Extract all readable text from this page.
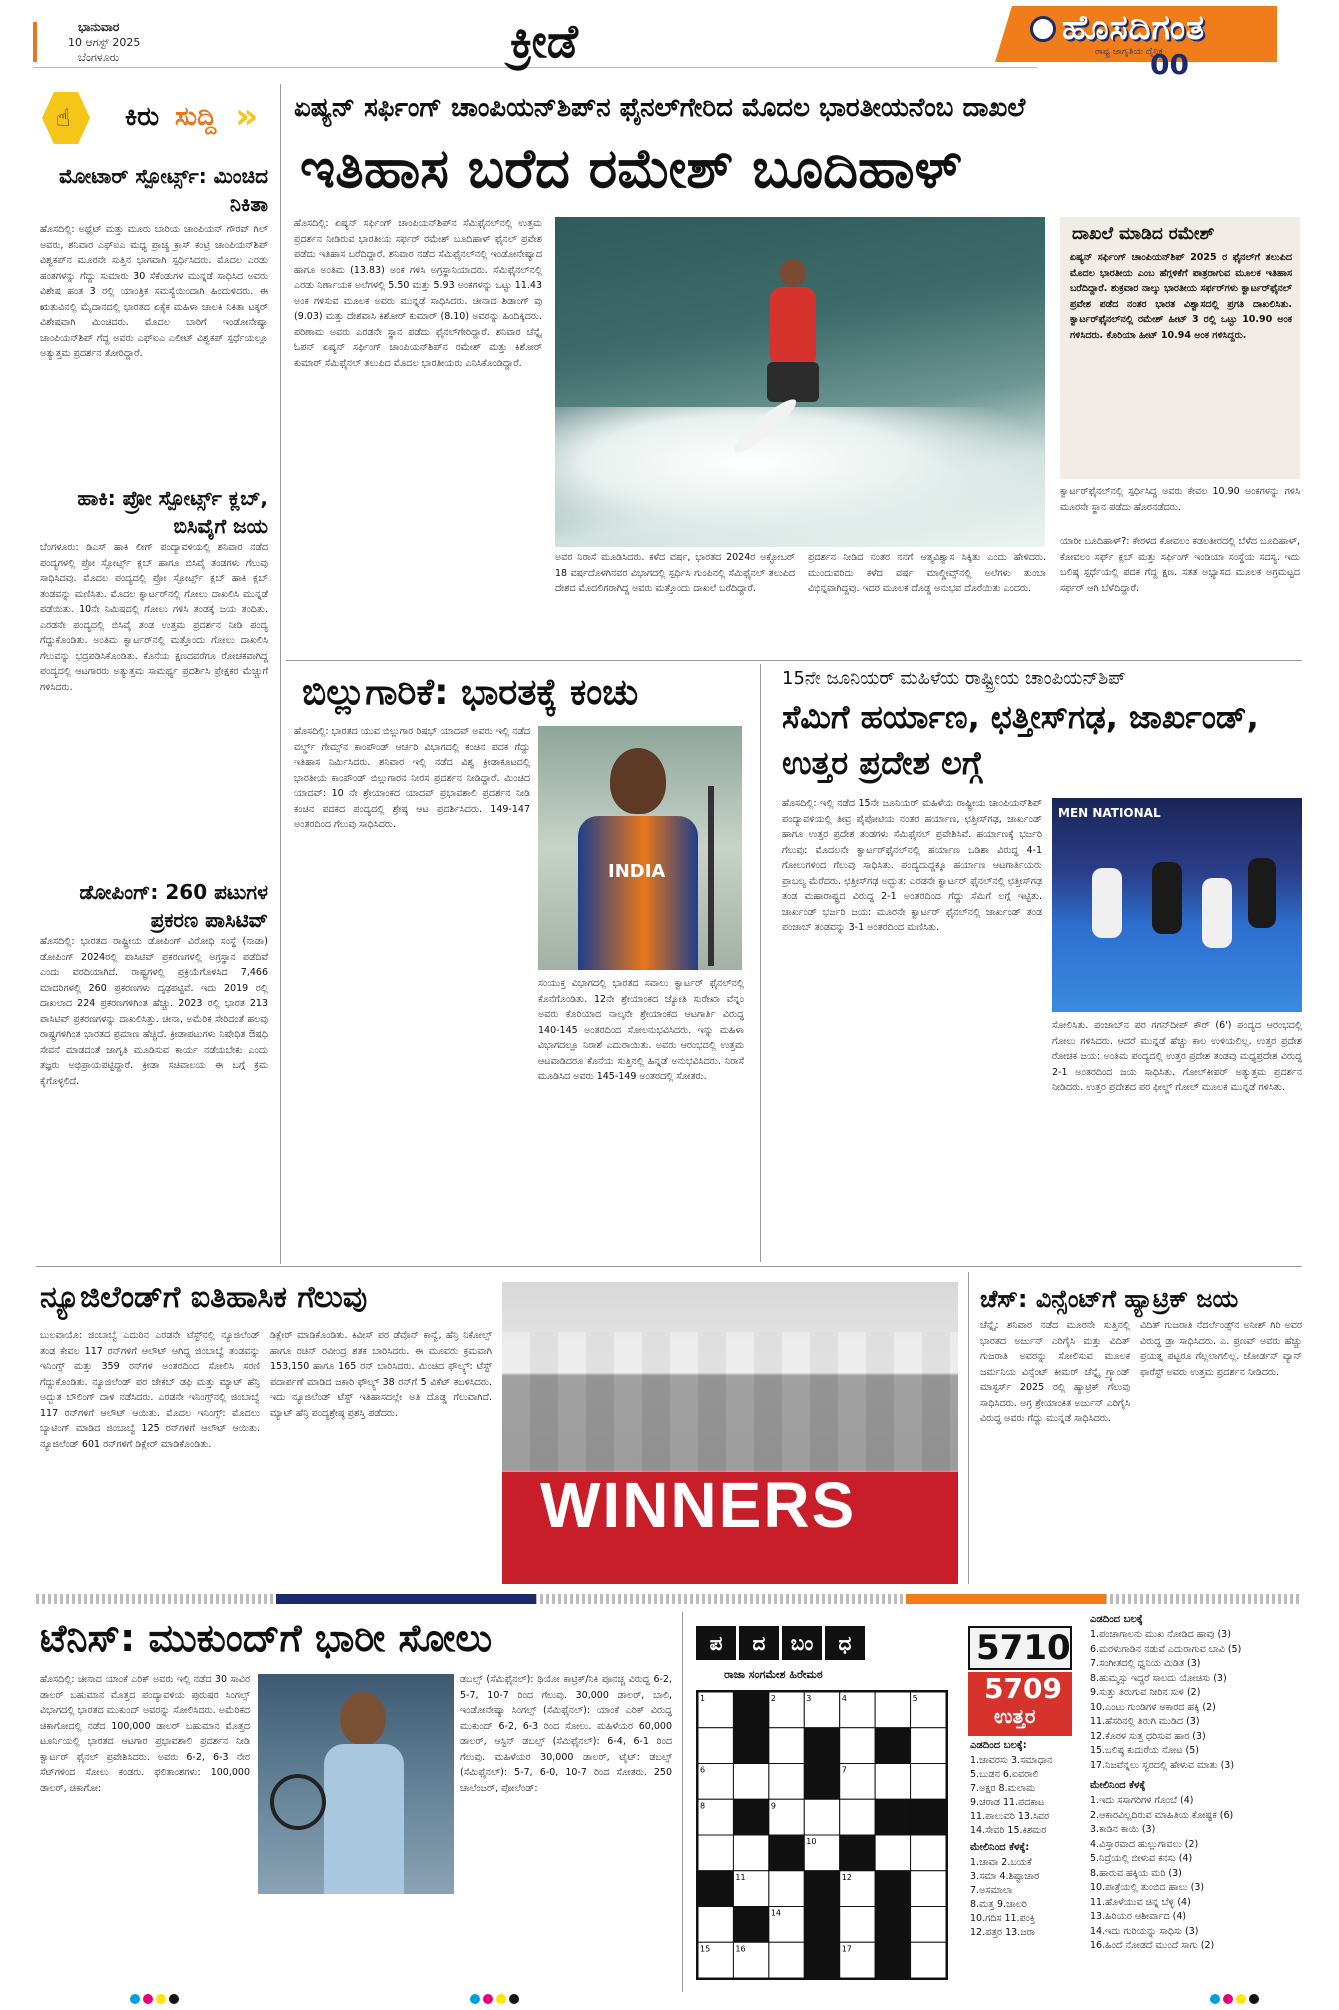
ಭಾನುವಾರ
10 ಆಗಸ್ಟ್ 2025
ಬೆಂಗಳೂರು	ಕ್ರೀಡೆ	ಹೊಸದಿಗಂತ
ರಾಷ್ಟ್ರ ಜಾಗೃತಿಯ ದೈನಿಕ
00
☝ ಕಿರು ಸುದ್ದಿ »
ಮೋಟಾರ್ ಸ್ಪೋರ್ಟ್ಸ್: ಮಿಂಚಿದ ನಿಕಿತಾ
ಹೊಸದಿಲ್ಲಿ: ಅಥ್ಲೆಟ್ ಮತ್ತು ಮೂರು ಬಾರಿಯ ಚಾಂಪಿಯನ್ ಗೌರವ್ ಗಿಲ್ ಅವರು, ಶನಿವಾರ ಎಫ್‌ಐಎ ಮಧ್ಯ ಪ್ರಾಚ್ಯ ಕ್ರಾಸ್ ಕಂಟ್ರಿ ಚಾಂಪಿಯನ್‌ಶಿಪ್ ವಿಶ್ವಕಪ್‌ನ ಮೂರನೇ ಸುತ್ತಿನ ಭಾಗವಾಗಿ ಸ್ಪರ್ಧಿಸಿದರು. ಮೊದಲ ಎರಡು ಹಂತಗಳನ್ನು ಗೆದ್ದು ಸುಮಾರು 30 ಸೆಕೆಂಡುಗಳ ಮುನ್ನಡೆ ಸಾಧಿಸಿದ ಅವರು ವಿಶೇಷ ಹಂತ 3 ರಲ್ಲಿ ಯಾಂತ್ರಿಕ ಸಮಸ್ಯೆಯಿಂದಾಗಿ ಹಿಂದುಳಿದರು. ಈ ಋತುವಿನಲ್ಲಿ ಮೈದಾನದಲ್ಲಿ ಭಾರತದ ಏಕೈಕ ಮಹಿಳಾ ಚಾಲಕಿ ನಿಕಿತಾ ಟಕ್ಕರ್ ವಿಶೇಷವಾಗಿ ಮಿಂಚಿದರು. ಮೊದಲ ಬಾರಿಗೆ ಇಂಡೋನೇಷ್ಯಾ ಚಾಂಪಿಯನ್‌ಶಿಪ್ ಗೆದ್ದ ಅವರು ಎಫ್‌ಐಎ ಎಲೀಟ್ ವಿಶ್ವಕಪ್ ಸ್ಪರ್ಧೆಯಲ್ಲೂ ಅತ್ಯುತ್ತಮ ಪ್ರದರ್ಶನ ತೋರಿದ್ದಾರೆ.
ಹಾಕಿ: ಪ್ರೋ ಸ್ಪೋರ್ಟ್ಸ್ ಕ್ಲಬ್, ಬಿಸಿವೈಗೆ ಜಯ
ಬೆಂಗಳೂರು: ಡಿಎಸ್ ಹಾಕಿ ಲೀಗ್ ಪಂದ್ಯಾವಳಿಯಲ್ಲಿ ಶನಿವಾರ ನಡೆದ ಪಂದ್ಯಗಳಲ್ಲಿ ಪ್ರೋ ಸ್ಪೋರ್ಟ್ಸ್ ಕ್ಲಬ್ ಹಾಗೂ ಬಿಸಿವೈ ತಂಡಗಳು ಗೆಲುವು ಸಾಧಿಸಿದವು. ಮೊದಲ ಪಂದ್ಯದಲ್ಲಿ ಪ್ರೋ ಸ್ಪೋರ್ಟ್ಸ್ ಕ್ಲಬ್ ಹಾಕಿ ಕ್ಲಬ್ ತಂಡವನ್ನು ಮಣಿಸಿತು. ಮೊದಲ ಕ್ವಾರ್ಟರ್‌ನಲ್ಲಿ ಗೋಲು ದಾಖಲಿಸಿ ಮುನ್ನಡೆ ಪಡೆಯಿತು. 10ನೇ ನಿಮಿಷದಲ್ಲಿ ಗೋಲು ಗಳಿಸಿ ತಂಡಕ್ಕೆ ಜಯ ತಂದಿತು. ಎರಡನೇ ಪಂದ್ಯದಲ್ಲಿ ಬಿಸಿವೈ ತಂಡ ಉತ್ತಮ ಪ್ರದರ್ಶನ ನೀಡಿ ಪಂದ್ಯ ಗೆದ್ದುಕೊಂಡಿತು. ಅಂತಿಮ ಕ್ವಾರ್ಟರ್‌ನಲ್ಲಿ ಮತ್ತೊಂದು ಗೋಲು ದಾಖಲಿಸಿ ಗೆಲುವನ್ನು ಭದ್ರಪಡಿಸಿಕೊಂಡಿತು. ಕೊನೆಯ ಕ್ಷಣದವರೆಗೂ ರೋಚಕವಾಗಿದ್ದ ಪಂದ್ಯದಲ್ಲಿ ಆಟಗಾರರು ಅತ್ಯುತ್ತಮ ಸಾಮರ್ಥ್ಯ ಪ್ರದರ್ಶಿಸಿ ಪ್ರೇಕ್ಷಕರ ಮೆಚ್ಚುಗೆ ಗಳಿಸಿದರು.
ಡೋಪಿಂಗ್: 260 ಪಟುಗಳ ಪ್ರಕರಣ ಪಾಸಿಟಿವ್
ಹೊಸದಿಲ್ಲಿ: ಭಾರತದ ರಾಷ್ಟ್ರೀಯ ಡೋಪಿಂಗ್ ವಿರೋಧಿ ಸಂಸ್ಥೆ (ನಾಡಾ) ಡೋಪಿಂಗ್ 2024ರಲ್ಲಿ ಪಾಸಿಟಿವ್ ಪ್ರಕರಣಗಳಲ್ಲಿ ಅಗ್ರಸ್ಥಾನ ಪಡೆದಿವೆ ಎಂದು ವರದಿಯಾಗಿದೆ. ರಾಷ್ಟ್ರಗಳಲ್ಲಿ ಪ್ರಕ್ರಿಯೆಗೊಳಿಸಿದ 7,466 ಮಾದರಿಗಳಲ್ಲಿ 260 ಪ್ರಕರಣಗಳು ದೃಢಪಟ್ಟಿವೆ. ಇದು 2019 ರಲ್ಲಿ ದಾಖಲಾದ 224 ಪ್ರಕರಣಗಳಿಗಿಂತ ಹೆಚ್ಚು. 2023 ರಲ್ಲಿ ಭಾರತ 213 ಪಾಸಿಟಿವ್ ಪ್ರಕರಣಗಳನ್ನು ದಾಖಲಿಸಿತ್ತು. ಚೀನಾ, ಅಮೆರಿಕ ಸೇರಿದಂತೆ ಹಲವು ರಾಷ್ಟ್ರಗಳಿಗಿಂತ ಭಾರತದ ಪ್ರಮಾಣ ಹೆಚ್ಚಿದೆ. ಕ್ರೀಡಾಪಟುಗಳು ನಿಷೇಧಿತ ಔಷಧಿ ಸೇವನೆ ಮಾಡದಂತೆ ಜಾಗೃತಿ ಮೂಡಿಸುವ ಕಾರ್ಯ ನಡೆಯಬೇಕು ಎಂದು ತಜ್ಞರು ಅಭಿಪ್ರಾಯಪಟ್ಟಿದ್ದಾರೆ. ಕ್ರೀಡಾ ಸಚಿವಾಲಯ ಈ ಬಗ್ಗೆ ಕ್ರಮ ಕೈಗೊಳ್ಳಲಿದೆ.
ಏಷ್ಯನ್ ಸರ್ಫಿಂಗ್ ಚಾಂಪಿಯನ್‌ಶಿಪ್‌ನ ಫೈನಲ್‌ಗೇರಿದ ಮೊದಲ ಭಾರತೀಯನೆಂಬ ದಾಖಲೆ
ಇತಿಹಾಸ ಬರೆದ ರಮೇಶ್ ಬೂದಿಹಾಳ್
ಹೊಸದಿಲ್ಲಿ: ಏಷ್ಯನ್ ಸರ್ಫಿಂಗ್ ಚಾಂಪಿಯನ್‌ಶಿಪ್‌ನ ಸೆಮಿಫೈನಲ್‌ನಲ್ಲಿ ಉತ್ತಮ ಪ್ರದರ್ಶನ ನೀಡಿರುವ ಭಾರತೀಯ ಸರ್ಫರ್ ರಮೇಶ್ ಬೂದಿಹಾಳ್ ಫೈನಲ್ ಪ್ರವೇಶ ಪಡೆದು ಇತಿಹಾಸ ಬರೆದಿದ್ದಾರೆ. ಶನಿವಾರ ನಡೆದ ಸೆಮಿಫೈನಲ್‌ನಲ್ಲಿ ಇಂಡೋನೇಷ್ಯಾದ ಹಾಗೂ ಅಂತಿಮ (13.83) ಅಂಕ ಗಳಿಸಿ ಅಗ್ರಸ್ಥಾನಿಯಾದರು. ಸೆಮಿಫೈನಲ್‌ನಲ್ಲಿ ಎರಡು ನಿರ್ಣಾಯಕ ಅಲೆಗಳಲ್ಲಿ 5.50 ಮತ್ತು 5.93 ಅಂಕಗಳನ್ನು ಒಟ್ಟು 11.43 ಅಂಕ ಗಳಿಸುವ ಮೂಲಕ ಅವರು ಮುನ್ನಡೆ ಸಾಧಿಸಿದರು. ಚೀನಾದ ಶಿಡಾಂಗ್ ವು (9.03) ಮತ್ತು ದೇಶವಾಸಿ ಕಿಶೋರ್ ಕುಮಾರ್ (8.10) ಅವರನ್ನು ಹಿಂದಿಕ್ಕಿದರು. ಪರಿಣಾಮ ಅವರು ಎರಡನೇ ಸ್ಥಾನ ಪಡೆದು ಫೈನಲ್‌ಗೇರಿದ್ದಾರೆ. ಶನಿವಾರ ಚೆನ್ನೈ ಓಪನ್ ಏಷ್ಯನ್ ಸರ್ಫಿಂಗ್ ಚಾಂಪಿಯನ್‌ಶಿಪ್‌ನ ರಮೇಶ್ ಮತ್ತು ಕಿಶೋರ್ ಕುಮಾರ್ ಸೆಮಿಫೈನಲ್ ತಲುಪಿದ ಮೊದಲ ಭಾರತೀಯರು ಎನಿಸಿಕೊಂಡಿದ್ದಾರೆ.
ಅವರ ನಿರಾಸೆ ಮೂಡಿಸಿದರು. ಕಳೆದ ವರ್ಷ, ಭಾರತದ 2024ರ ಅಕ್ಟೋಬರ್ 18 ವರ್ಷದೊಳಗಿನವರ ವಿಭಾಗದಲ್ಲಿ ಸ್ಪರ್ಧಿಸಿ ಗುಂಪಿನಲ್ಲಿ ಸೆಮಿಫೈನಲ್ ತಲುಪಿದ ದೇಶದ ಮೊದಲಿಗರಾಗಿದ್ದ ಅವರು ಮತ್ತೊಂದು ದಾಖಲೆ ಬರೆದಿದ್ದಾರೆ.
ಪ್ರದರ್ಶನ ನೀಡಿದ ನಂತರ ನನಗೆ ಆತ್ಮವಿಶ್ವಾಸ ಸಿಕ್ಕಿತು ಎಂದು ಹೇಳಿದರು. ಮುಂದುವರಿದು ಕಳೆದ ವರ್ಷ ಮಾಲ್ಡೀವ್ಸ್‌ನಲ್ಲಿ ಅಲೆಗಳು ತುಂಬಾ ವಿಭಿನ್ನವಾಗಿದ್ದವು. ಇದರ ಮೂಲಕ ದೊಡ್ಡ ಅನುಭವ ದೊರೆಯಿತು ಎಂದರು.
ದಾಖಲೆ ಮಾಡಿದ ರಮೇಶ್
ಏಷ್ಯನ್ ಸರ್ಫಿಂಗ್ ಚಾಂಪಿಯನ್‌ಶಿಪ್ 2025 ರ ಫೈನಲ್‌ಗೆ ತಲುಪಿದ ಮೊದಲ ಭಾರತೀಯ ಎಂಬ ಹೆಗ್ಗಳಿಕೆಗೆ ಪಾತ್ರರಾಗುವ ಮೂಲಕ ಇತಿಹಾಸ ಬರೆದಿದ್ದಾರೆ. ಶುಕ್ರವಾರ ನಾಲ್ಕು ಭಾರತೀಯ ಸರ್ಫರ್‌ಗಳು ಕ್ವಾರ್ಟರ್‌ಫೈನಲ್ ಪ್ರವೇಶ ಪಡೆದ ನಂತರ ಭಾರತ ವಿಶ್ವಾಸದಲ್ಲಿ ಪ್ರಗತಿ ದಾಖಲಿಸಿತು. ಕ್ವಾರ್ಟರ್‌ಫೈನಲ್‌ನಲ್ಲಿ ರಮೇಶ್ ಹೀಟ್ 3 ರಲ್ಲಿ ಒಟ್ಟು 10.90 ಅಂಕ ಗಳಿಸಿದರು. ಕೊರಿಯಾ ಹೀಟ್ 10.94 ಅಂಕ ಗಳಿಸಿದ್ದರು.
ಕ್ವಾರ್ಟರ್‌ಫೈನಲ್‌ನಲ್ಲಿ ಸ್ಪರ್ಧಿಸಿದ್ದ ಅವರು ಕೇವಲ 10.90 ಅಂಕಗಳನ್ನು ಗಳಿಸಿ ಮೂರನೇ ಸ್ಥಾನ ಪಡೆದು ಹೊರನಡೆದರು.
ಯಾರೀ ಬೂದಿಹಾಳ್?: ಕೇರಳದ ಕೋವಲಂ ಕಡಲತೀರದಲ್ಲಿ ಬೆಳೆದ ಬೂದಿಹಾಳ್, ಕೋವಲಂ ಸರ್ಫ್ ಕ್ಲಬ್ ಮತ್ತು ಸರ್ಫಿಂಗ್ ಇಂಡಿಯಾ ಸಂಸ್ಥೆಯ ಸದಸ್ಯ. ಇದು ಬಲಿಷ್ಠ ಸ್ಪರ್ಧೆಯಲ್ಲಿ ಪದಕ ಗೆದ್ದ ಕ್ಷಣ. ಸತತ ಅಭ್ಯಾಸದ ಮೂಲಕ ಅಗ್ರಮಟ್ಟದ ಸರ್ಫರ್ ಆಗಿ ಬೆಳೆದಿದ್ದಾರೆ.
ಬಿಲ್ಲುಗಾರಿಕೆ: ಭಾರತಕ್ಕೆ ಕಂಚು
ಹೊಸದಿಲ್ಲಿ: ಭಾರತದ ಯುವ ಬಿಲ್ಲುಗಾರ ರಿಷಭ್ ಯಾದವ್ ಅವರು ಇಲ್ಲಿ ನಡೆದ ವರ್ಲ್ಡ್ ಗೇಮ್ಸ್‌ನ ಕಾಂಪೌಂಡ್ ಆರ್ಚರಿ ವಿಭಾಗದಲ್ಲಿ ಕಂಚಿನ ಪದಕ ಗೆದ್ದು ಇತಿಹಾಸ ನಿರ್ಮಿಸಿದರು. ಶನಿವಾರ ಇಲ್ಲಿ ನಡೆದ ವಿಶ್ವ ಕ್ರೀಡಾಕೂಟದಲ್ಲಿ ಭಾರತೀಯ ಕಾಂಪೌಂಡ್ ಬಿಲ್ಲುಗಾರನ ನೀರಸ ಪ್ರದರ್ಶನ ನೀಡಿದ್ದಾರೆ. ಮಿಂಚಿದ ಯಾದವ್: 10 ನೇ ಶ್ರೇಯಾಂಕದ ಯಾದವ್ ಪ್ರಭಾವಶಾಲಿ ಪ್ರದರ್ಶನ ನೀಡಿ ಕಂಚಿನ ಪದಕದ ಪಂದ್ಯದಲ್ಲಿ ಶ್ರೇಷ್ಠ ಆಟ ಪ್ರದರ್ಶಿಸಿದರು. 149-147 ಅಂತರದಿಂದ ಗೆಲುವು ಸಾಧಿಸಿದರು.
INDIA
ಸಂಯುಕ್ತ ವಿಭಾಗದಲ್ಲಿ ಭಾರತದ ಸವಾಲು ಕ್ವಾರ್ಟರ್ ಫೈನಲ್‌ನಲ್ಲಿ ಕೊನೆಗೊಂಡಿತು. 12ನೇ ಶ್ರೇಯಾಂಕದ ಜ್ಯೋತಿ ಸುರೇಖಾ ವೆನ್ನಂ ಅವರು ಕೊರಿಯಾದ ನಾಲ್ಕನೇ ಶ್ರೇಯಾಂಕದ ಆಟಗಾರ್ತಿ ವಿರುದ್ಧ 140-145 ಅಂತರದಿಂದ ಸೋಲನುಭವಿಸಿದರು. ಇನ್ನು ಮಹಿಳಾ ವಿಭಾಗದಲ್ಲೂ ನಿರಾಶೆ ಎದುರಾಯಿತು. ಅವರು ಆರಂಭದಲ್ಲಿ ಉತ್ತಮ ಆಟವಾಡಿದರೂ ಕೊನೆಯ ಸುತ್ತಿನಲ್ಲಿ ಹಿನ್ನಡೆ ಅನುಭವಿಸಿದರು. ನಿರಾಸೆ ಮೂಡಿಸಿದ ಅವರು 145-149 ಅಂತರದಲ್ಲಿ ಸೋತರು.
15ನೇ ಜೂನಿಯರ್ ಮಹಿಳೆಯ ರಾಷ್ಟ್ರೀಯ ಚಾಂಪಿಯನ್‌ಶಿಪ್
ಸೆಮಿಗೆ ಹರ್ಯಾಣ, ಛತ್ತೀಸ್‌ಗಢ, ಜಾರ್ಖಂಡ್, ಉತ್ತರ ಪ್ರದೇಶ ಲಗ್ಗೆ
ಹೊಸದಿಲ್ಲಿ: ಇಲ್ಲಿ ನಡೆದ 15ನೇ ಜೂನಿಯರ್ ಮಹಿಳೆಯ ರಾಷ್ಟ್ರೀಯ ಚಾಂಪಿಯನ್‌ಶಿಪ್ ಪಂದ್ಯಾವಳಿಯಲ್ಲಿ ತೀವ್ರ ಪೈಪೋಟಿಯ ನಂತರ ಹರ್ಯಾಣ, ಛತ್ತೀಸ್‌ಗಢ, ಜಾರ್ಖಂಡ್ ಹಾಗೂ ಉತ್ತರ ಪ್ರದೇಶ ತಂಡಗಳು ಸೆಮಿಫೈನಲ್ ಪ್ರವೇಶಿಸಿವೆ. ಹರ್ಯಾಣಕ್ಕೆ ಭರ್ಜರಿ ಗೆಲುವು: ಮೊದಲನೇ ಕ್ವಾರ್ಟರ್‌ಫೈನಲ್‌ನಲ್ಲಿ ಹರ್ಯಾಣ ಒಡಿಶಾ ವಿರುದ್ಧ 4-1 ಗೋಲುಗಳಿಂದ ಗೆಲುವು ಸಾಧಿಸಿತು. ಪಂದ್ಯದುದ್ದಕ್ಕೂ ಹರ್ಯಾಣ ಆಟಗಾರ್ತಿಯರು ಪ್ರಾಬಲ್ಯ ಮೆರೆದರು. ಛತ್ತೀಸ್‌ಗಢ ಅದ್ಭುತ: ಎರಡನೇ ಕ್ವಾರ್ಟರ್ ಫೈನಲ್‌ನಲ್ಲಿ ಛತ್ತೀಸ್‌ಗಢ ತಂಡ ಮಹಾರಾಷ್ಟ್ರದ ವಿರುದ್ಧ 2-1 ಅಂತರದಿಂದ ಗೆದ್ದು ಸೆಮಿಗೆ ಲಗ್ಗೆ ಇಟ್ಟಿತು. ಜಾರ್ಖಂಡ್ ಭರ್ಜರಿ ಜಯ: ಮೂರನೇ ಕ್ವಾರ್ಟರ್ ಫೈನಲ್‌ನಲ್ಲಿ ಜಾರ್ಖಂಡ್ ತಂಡ ಪಂಜಾಬ್ ತಂಡವನ್ನು 3-1 ಅಂತರದಿಂದ ಮಣಿಸಿತು.
MEN NATIONAL
ಸೋಲಿಸಿತು. ಪಂಜಾಬ್‌ನ ಪರ ಗಗನ್‌ದೀಪ್ ಕೌರ್ (6') ಪಂದ್ಯದ ಆರಂಭದಲ್ಲಿ ಗೋಲು ಗಳಿಸಿದರು. ಆದರೆ ಮುನ್ನಡೆ ಹೆಚ್ಚು ಕಾಲ ಉಳಿಯಲಿಲ್ಲ. ಉತ್ತರ ಪ್ರದೇಶ ರೋಚಕ ಜಯ: ಅಂತಿಮ ಪಂದ್ಯದಲ್ಲಿ ಉತ್ತರ ಪ್ರದೇಶ ತಂಡವು ಮಧ್ಯಪ್ರದೇಶ ವಿರುದ್ಧ 2-1 ಅಂತರದಿಂದ ಜಯ ಸಾಧಿಸಿತು. ಗೋಲ್‌ಕೀಪರ್ ಅತ್ಯುತ್ತಮ ಪ್ರದರ್ಶನ ನೀಡಿದರು. ಉತ್ತರ ಪ್ರದೇಶದ ಪರ ಫೀಲ್ಡ್ ಗೋಲ್ ಮೂಲಕ ಮುನ್ನಡೆ ಗಳಿಸಿತು.
ನ್ಯೂಜಿಲೆಂಡ್‌ಗೆ ಐತಿಹಾಸಿಕ ಗೆಲುವು
ಬುಲವಾಯೊ: ಜಿಂಬಾಬ್ವೆ ಎದುರಿನ ಎರಡನೇ ಟೆಸ್ಟ್‌ನಲ್ಲಿ ನ್ಯೂಜಿಲೆಂಡ್ ತಂಡ ಕೇವಲ 117 ರನ್‌ಗಳಿಗೆ ಆಲೌಟ್ ಆಗಿದ್ದ ಜಿಂಬಾಬ್ವೆ ತಂಡವನ್ನು ಇನಿಂಗ್ಸ್ ಮತ್ತು 359 ರನ್‌ಗಳ ಅಂತರದಿಂದ ಸೋಲಿಸಿ ಸರಣಿ ಗೆದ್ದುಕೊಂಡಿತು. ನ್ಯೂಜಿಲೆಂಡ್ ಪರ ಜೇಕಬ್ ಡಫಿ ಮತ್ತು ಮ್ಯಾಟ್ ಹೆನ್ರಿ ಅದ್ಭುತ ಬೌಲಿಂಗ್ ದಾಳಿ ನಡೆಸಿದರು. ಎರಡನೇ ಇನಿಂಗ್ಸ್‌ನಲ್ಲಿ ಜಿಂಬಾಬ್ವೆ 117 ರನ್‌ಗಳಿಗೆ ಆಲೌಟ್ ಆಯಿತು. ಮೊದಲ ಇನಿಂಗ್ಸ್: ಮೊದಲು ಬ್ಯಾಟಿಂಗ್ ಮಾಡಿದ ಜಿಂಬಾಬ್ವೆ 125 ರನ್‌ಗಳಿಗೆ ಆಲೌಟ್ ಆಯಿತು. ನ್ಯೂಜಿಲೆಂಡ್ 601 ರನ್‌ಗಳಿಗೆ ಡಿಕ್ಲೇರ್ ಮಾಡಿಕೊಂಡಿತು.
ಡಿಕ್ಲೇರ್ ಮಾಡಿಕೊಂಡಿತು. ಕಿವೀಸ್ ಪರ ಡೆವೊನ್ ಕಾನ್ವೆ, ಹೆನ್ರಿ ನಿಕೋಲ್ಸ್ ಹಾಗೂ ರಚಿನ್ ರವೀಂದ್ರ ಶತಕ ಬಾರಿಸಿದರು. ಈ ಮೂವರು ಕ್ರಮವಾಗಿ 153,150 ಹಾಗೂ 165 ರನ್ ಬಾರಿಸಿದರು. ಮಿಂಚಿದ ಫೌಲ್ಕ್ಸ್: ಟೆಸ್ಟ್ ಪದಾರ್ಪಣೆ ಮಾಡಿದ ಜಕಾರಿ ಫೌಲ್ಕ್ಸ್ 38 ರನ್‌ಗೆ 5 ವಿಕೆಟ್ ಕಬಳಿಸಿದರು. ಇದು ನ್ಯೂಜಿಲೆಂಡ್ ಟೆಸ್ಟ್ ಇತಿಹಾಸದಲ್ಲೇ ಅತಿ ದೊಡ್ಡ ಗೆಲುವಾಗಿದೆ. ಮ್ಯಾಟ್ ಹೆನ್ರಿ ಪಂದ್ಯಶ್ರೇಷ್ಠ ಪ್ರಶಸ್ತಿ ಪಡೆದರು.
WINNERS
ಚೆಸ್: ವಿನ್ಸೆಂಟ್‌ಗೆ ಹ್ಯಾಟ್ರಿಕ್ ಜಯ
ಚೆನ್ನೈ: ಶನಿವಾರ ನಡೆದ ಮೂರನೇ ಸುತ್ತಿನಲ್ಲಿ ಭಾರತದ ಅರ್ಜುನ್ ಎರಿಗೈಸಿ ಮತ್ತು ವಿದಿತ್ ಗುಜರಾತಿ ಅವರನ್ನು ಸೋಲಿಸುವ ಮೂಲಕ ಜರ್ಮನಿಯ ವಿನ್ಸೆಂಟ್ ಕೀಮರ್ ಚೆನ್ನೈ ಗ್ರ್ಯಾಂಡ್ ಮಾಸ್ಟರ್ಸ್ 2025 ರಲ್ಲಿ ಹ್ಯಾಟ್ರಿಕ್ ಗೆಲುವು ಸಾಧಿಸಿದರು. ಅಗ್ರ ಶ್ರೇಯಾಂಕಿತ ಅರ್ಜುನ್ ಎರಿಗೈಸಿ ವಿರುದ್ಧ ಅವರು ಗೆದ್ದು ಮುನ್ನಡೆ ಸಾಧಿಸಿದರು.
ವಿದಿತ್ ಗುಜರಾತಿ ನೆದರ್ಲೆಂಡ್ಸ್‌ನ ಅನೀಶ್ ಗಿರಿ ಅವರ ವಿರುದ್ಧ ಡ್ರಾ ಸಾಧಿಸಿದರು. ಎ. ಪ್ರಣವ್ ಅವರು ಹೆಚ್ಚು ಪ್ರಯತ್ನ ಪಟ್ಟರೂ ಗೆಲ್ಲಲಾಗಲಿಲ್ಲ. ಜೋರ್ಡನ್ ವ್ಯಾನ್ ಫಾರೆಸ್ಟ್ ಅವರು ಉತ್ತಮ ಪ್ರದರ್ಶನ ನೀಡಿದರು.
ಟೆನಿಸ್: ಮುಕುಂದ್‌ಗೆ ಭಾರೀ ಸೋಲು
ಹೊಸದಿಲ್ಲಿ: ಚೀನಾದ ಯಾಂಕೆ ಎರಿಕ್ ಅವರು ಇಲ್ಲಿ ನಡೆದ 30 ಸಾವಿರ ಡಾಲರ್ ಬಹುಮಾನ ಮೊತ್ತದ ಪಂದ್ಯಾವಳಿಯ ಪುರುಷರ ಸಿಂಗಲ್ಸ್ ವಿಭಾಗದಲ್ಲಿ ಭಾರತದ ಮುಕುಂದ್ ಅವರನ್ನು ಸೋಲಿಸಿದರು. ಅಮೆರಿಕದ ಚಿಕಾಗೋದಲ್ಲಿ ನಡೆದ 100,000 ಡಾಲರ್ ಬಹುಮಾನ ಮೊತ್ತದ ಟೂರ್ನಿಯಲ್ಲಿ ಭಾರತದ ಆಟಗಾರ ಪ್ರಭಾವಶಾಲಿ ಪ್ರದರ್ಶನ ನೀಡಿ ಕ್ವಾರ್ಟರ್ ಫೈನಲ್ ಪ್ರವೇಶಿಸಿದರು. ಅವರು 6-2, 6-3 ನೇರ ಸೆಟ್‌ಗಳಿಂದ ಸೋಲು ಕಂಡರು. ಫಲಿತಾಂಶಗಳು: 100,000 ಡಾಲರ್, ಚಿಕಾಗೋ:
ಡಬಲ್ಸ್ (ಸೆಮಿಫೈನಲ್): ಥಿಯೋ ಕಾಟ್ರಿಕ್/ನಿಕಿ ಪೂನಚ್ಚ ವಿರುದ್ಧ 6-2, 5-7, 10-7 ರಿಂದ ಗೆಲುವು. 30,000 ಡಾಲರ್, ಬಾಲಿ, ಇಂಡೋನೇಷ್ಯಾ ಸಿಂಗಲ್ಸ್ (ಸೆಮಿಫೈನಲ್): ಯಾಂಕೆ ಎರಿಕ್ ವಿರುದ್ಧ ಮುಕುಂದ್ 6-2, 6-3 ರಿಂದ ಸೋಲು. ಮಹಿಳೆಯರ 60,000 ಡಾಲರ್, ಆಸ್ಟಿನ್ ಡಬಲ್ಸ್ (ಸೆಮಿಫೈನಲ್): 6-4, 6-1 ರಿಂದ ಗೆಲುವು. ಮಹಿಳೆಯರ 30,000 ಡಾಲರ್, ಟೈಟ್: ಡಬಲ್ಸ್ (ಸೆಮಿಫೈನಲ್): 5-7, 6-0, 10-7 ರಿಂದ ಸೋತರು. 250 ಚಾಲೆಂಜರ್, ಪೋಲೆಂಡ್:
ಪ	ದ	ಬಂ	ಧ
ರಾಜಾ ಸಂಗಮೇಶ ಹಿರೇಮಠ
1	2	3	4	5
6	7
8	9
10
11	12
14
15	16	17
5710
5709
ಉತ್ತರ
ಎಡದಿಂದ ಬಲಕ್ಕೆ:
1.ಜಾವರಸು 3.ಸಮಾಧಾನ
5.ಬುಡನ 6.ಐವರಾಲಿ
7.ಅಕ್ಷರ 8.ಮಲಾಮ
9.ಚರಾಡ 11.ಪದಕಾಟ
11.ಪಾಲುವರಿ 13.ಸಿವರ
14.ಸೇವರಿ 15.ಕಿಶಮರ
ಮೇಲಿನಿಂದ ಕೆಳಕ್ಕೆ:
1.ಜಾವಾ 2.ಬಯಕೆ
3.ಸಮಾ 4.ಶಿಷ್ಟಾಚಾರ
7.ಅಸಮಾಲಾ
8.ಮತ್ತ 9.ಜಾಲರಿ
10.ಗದಿಸ 11.ಪಂಕ್ತಿ
12.ಪತ್ತರ 13.ಜರಾ
ಎಡದಿಂದ ಬಲಕ್ಕೆ
1.ಪಂಚಾಗಾಲನು ಮುಖ ನೋಡಿದ ಹಾವು (3)
6.ಮರಳುಗಾಡಿನ ನಡುವೆ ಎದುರಾಗುವ ಬಾವಿ (5)
7.ಸಂಗೀತದಲ್ಲಿ ಧ್ವನಿಯ ಮಿಡಿತ (3)
8.ಹುಮ್ಮಸ್ಸು ಇದ್ದರೆ ಸಾಲದು ಯೋಚಿಸು (3)
9.ಸುತ್ತು ತಿರುಗುವ ನೀರಿನ ಸುಳಿ (2)
10.ಎಂಟು ಗುಂಡಿಗಳ ಆಕಾರದ ಹಕ್ಕಿ (2)
11.ಹೆಸರಿನಲ್ಲಿ ತಿರುಗಿ ಮುಡಿದ (3)
12.ಕೊರಳ ಸುತ್ತ ಧರಿಸುವ ಹಾರ (3)
15.ಬಲಿಷ್ಠ ಕುದುರೆಯ ನೋಟ (5)
17.ನಿಜವೆನ್ನಲು ಸ್ವರದಲ್ಲಿ ಹೇಳುವ ಮಾತು (3)
ಮೇಲಿನಿಂದ ಕೆಳಕ್ಕೆ
1.ಇದು ಸಸಾಗರಿಗಳ ಗೊಂಬೆ (4)
2.ಆಕಾರವಿಲ್ಲದಿರುವ ಮಾಹಿತಿಯ ಕೋಷ್ಟಕ (6)
3.ಕಾಡಿನ ಕಾಯಿ (3)
4.ವಿಸ್ತಾರವಾದ ಹುಲ್ಲುಗಾವಲು (2)
5.ನಿದ್ರೆಯಲ್ಲಿ ಬೀಳುವ ಕನಸು (4)
8.ಹಾರುವ ಹಕ್ಕಿಯ ಮರಿ (3)
10.ಪಾತ್ರೆಯಲ್ಲಿ ತುಂಬಿದ ಹಾಲು (3)
11.ಹೊಳೆಯುವ ಚಿನ್ನ ಬೆಳ್ಳಿ (4)
13.ಹಿರಿಯರ ಆಶೀರ್ವಾದ (4)
14.ಇದು ಗುರಿಯನ್ನು ಸಾಧಿಸು (3)
16.ಹಿಂದೆ ನೋಡದೆ ಮುಂದೆ ಸಾಗು (2)
